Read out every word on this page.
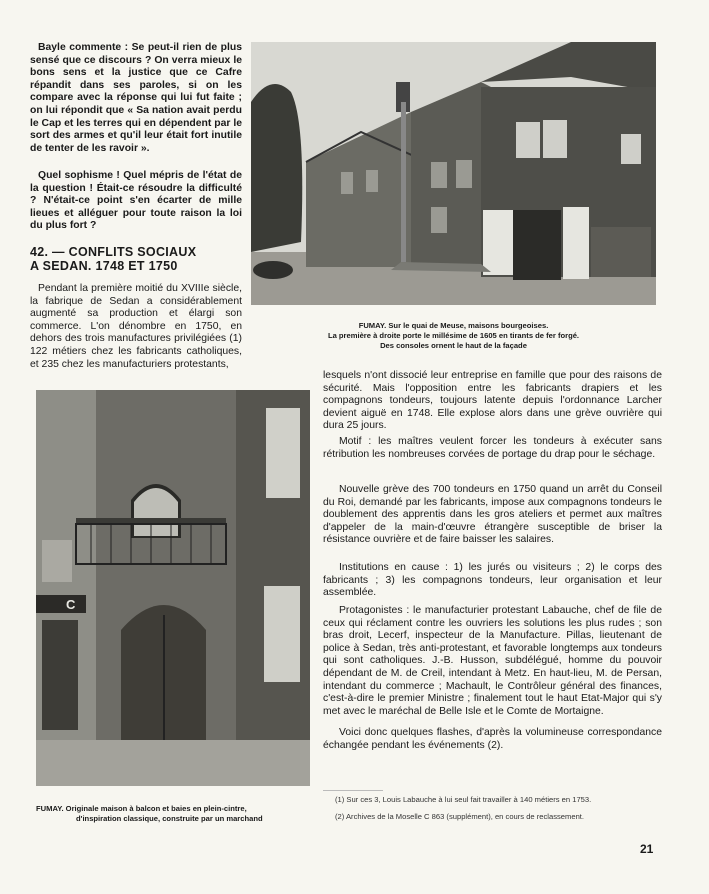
Bayle commente : Se peut-il rien de plus sensé que ce discours ? On verra mieux le bons sens et la justice que ce Cafre répandit dans ses paroles, si on les compare avec la réponse qui lui fut faite ; on lui répondit que « Sa nation avait perdu le Cap et les terres qui en dépendent par le sort des armes et qu'il leur était fort inutile de tenter de les ravoir ».

Quel sophisme ! Quel mépris de l'état de la question ! Était-ce résoudre la difficulté ? N'était-ce point s'en écarter de mille lieues et alléguer pour toute raison la loi du plus fort ?

42. — CONFLITS SOCIAUX
A SEDAN. 1748 ET 1750

Pendant la première moitié du XVIIIe siècle, la fabrique de Sedan a considérablement augmenté sa production et élargi son commerce. L'on dénombre en 1750, en dehors des trois manufactures privilégiées (1) 122 métiers chez les fabricants catholiques, et 235 chez les manufacturiers protestants,

FUMAY. Sur le quai de Meuse, maisons bourgeoises.
La première à droite porte le millésime de 1605 en tirants de fer forgé.
Des consoles ornent le haut de la façade
C
FUMAY. Originale maison à balcon et baies en plein-cintre,
d'inspiration classique, construite par un marchand

lesquels n'ont dissocié leur entreprise en famille que pour des raisons de sécurité. Mais l'opposition entre les fabricants drapiers et les compagnons tondeurs, toujours latente depuis l'ordonnance Larcher devient aiguë en 1748. Elle explose alors dans une grève ouvrière qui dura 25 jours.

Motif : les maîtres veulent forcer les tondeurs à exécuter sans rétribution les nombreuses corvées de portage du drap pour le séchage.

Nouvelle grève des 700 tondeurs en 1750 quand un arrêt du Conseil du Roi, demandé par les fabricants, impose aux compagnons tondeurs le doublement des apprentis dans les gros ateliers et permet aux maîtres d'appeler de la main-d'œuvre étrangère susceptible de briser la résistance ouvrière et de faire baisser les salaires.

Institutions en cause : 1) les jurés ou visiteurs ; 2) le corps des fabricants ; 3) les compagnons tondeurs, leur organisation et leur assemblée.

Protagonistes : le manufacturier protestant Labauche, chef de file de ceux qui réclament contre les ouvriers les solutions les plus rudes ; son bras droit, Lecerf, inspecteur de la Manufacture. Pillas, lieutenant de police à Sedan, très anti-protestant, et favorable longtemps aux tondeurs qui sont catholiques. J.-B. Husson, subdélégué, homme du pouvoir dépendant de M. de Creil, intendant à Metz. En haut-lieu, M. de Persan, intendant du commerce ; Machault, le Contrôleur général des finances, c'est-à-dire le premier Ministre ; finalement tout le haut Etat-Major qui s'y met avec le maréchal de Belle Isle et le Comte de Mortaigne.

Voici donc quelques flashes, d'après la volumineuse correspondance échangée pendant les événements (2).

(1) Sur ces 3, Louis Labauche à lui seul fait travailler à 140 métiers en 1753.

(2) Archives de la Moselle C 863 (supplément), en cours de reclassement.

21
